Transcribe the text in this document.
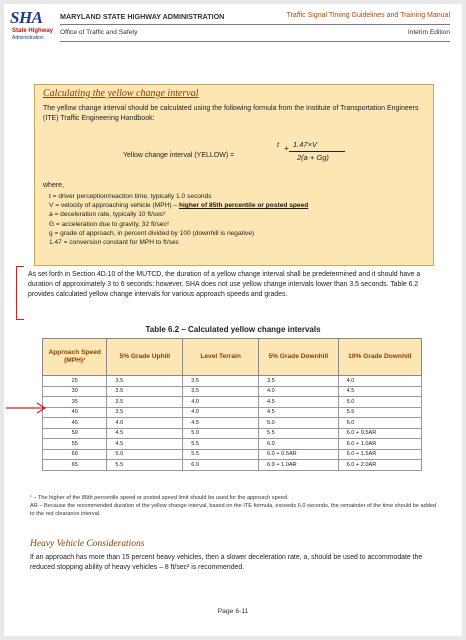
SHA
State Highway
Administration
MARYLAND STATE HIGHWAY ADMINISTRATION	Traffic Signal Timing Guidelines and Training Manual
Office of Traffic and Safety	Interim Edition
Calculating the yellow change interval
The yellow change interval should be calculated using the following formula from the Institute of Transportation Engineers (ITE) Traffic Engineering Handbook:
Yellow change interval (YELLOW) =
t + 1.47×V
2(a + Gg)
where,
t = driver perception/reaction time, typically 1.0 seconds
V = velocity of approaching vehicle (MPH) – higher of 85th percentile or posted speed
a = deceleration rate, typically 10 ft/sec²
G = acceleration due to gravity, 32 ft/sec²
g = grade of approach, in percent divided by 100 (downhill is negative)
1.47 = conversion constant for MPH to ft/sec
As set forth in Section 4D.10 of the MUTCD, the duration of a yellow change interval shall be predetermined and it should have a duration of approximately 3 to 6 seconds; however, SHA does not use yellow change intervals lower than 3.5 seconds. Table 6.2 provides calculated yellow change intervals for various approach speeds and grades.
Table 6.2 – Calculated yellow change intervals
Approach Speed (MPH)¹	5% Grade Uphill	Level Terrain	5% Grade Downhill	10% Grade Downhill
25	3.5	3.5	3.5	4.0
30	3.5	3.5	4.0	4.5
35	3.5	4.0	4.5	5.0
40	3.5	4.0	4.5	5.5
45	4.0	4.5	5.0	6.0
50	4.5	5.0	5.5	6.0 + 0.5AR
55	4.5	5.5	6.0	6.0 + 1.0AR
60	5.0	5.5	6.0 + 0.5AR	6.0 + 1.5AR
65	5.5	6.0	6.0 + 1.0AR	6.0 + 2.0AR
¹ – The higher of the 85th percentile speed or posted speed limit should be used for the approach speed.
AR – Because the recommended duration of the yellow change interval, based on the ITE formula, exceeds 6.0 seconds, the remainder of the time should be added to the red clearance interval.
Heavy Vehicle Considerations
If an approach has more than 15 percent heavy vehicles, then a slower deceleration rate, a, should be used to accommodate the reduced stopping ability of heavy vehicles – 8 ft/sec² is recommended.
Page 6-11
